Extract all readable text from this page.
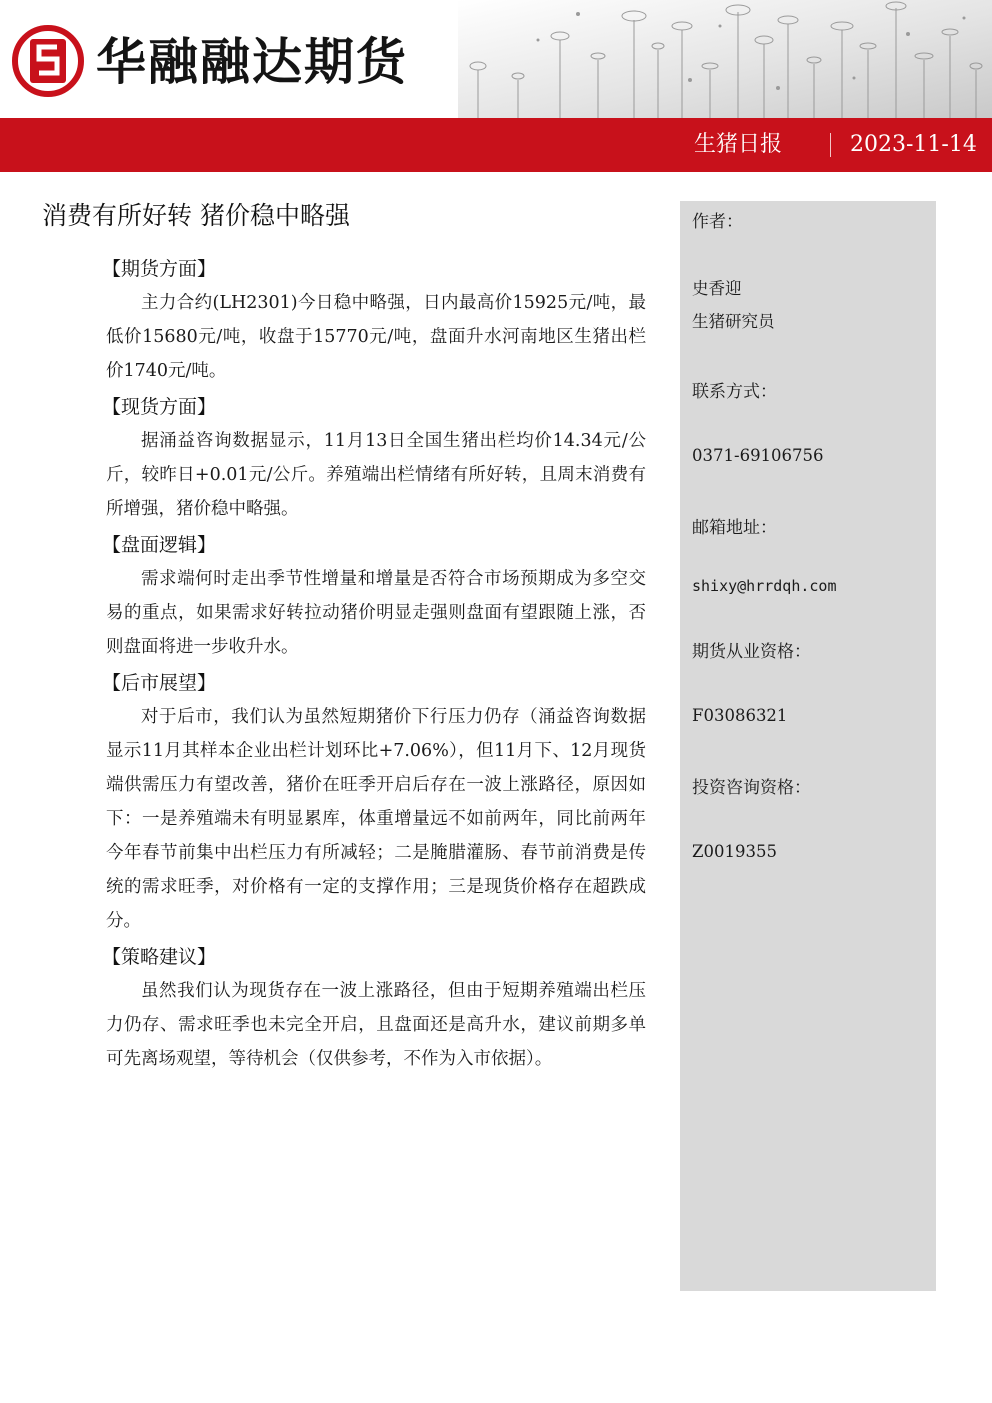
华融融达期货
生猪日报	2023-11-14
消费有所好转 猪价稳中略强
【期货方面】

主力合约(LH2301)今日稳中略强，日内最高价15925元/吨，最低价15680元/吨，收盘于15770元/吨，盘面升水河南地区生猪出栏价1740元/吨。

【现货方面】

据涌益咨询数据显示，11月13日全国生猪出栏均价14.34元/公斤，较昨日+0.01元/公斤。养殖端出栏情绪有所好转，且周末消费有所增强，猪价稳中略强。

【盘面逻辑】

需求端何时走出季节性增量和增量是否符合市场预期成为多空交易的重点，如果需求好转拉动猪价明显走强则盘面有望跟随上涨，否则盘面将进一步收升水。

【后市展望】

对于后市，我们认为虽然短期猪价下行压力仍存（涌益咨询数据显示11月其样本企业出栏计划环比+7.06%），但11月下、12月现货端供需压力有望改善，猪价在旺季开启后存在一波上涨路径，原因如下：一是养殖端未有明显累库，体重增量远不如前两年，同比前两年今年春节前集中出栏压力有所减轻；二是腌腊灌肠、春节前消费是传统的需求旺季，对价格有一定的支撑作用；三是现货价格存在超跌成分。

【策略建议】

虽然我们认为现货存在一波上涨路径，但由于短期养殖端出栏压力仍存、需求旺季也未完全开启，且盘面还是高升水，建议前期多单可先离场观望，等待机会（仅供参考，不作为入市依据）。

作者：
史香迎
生猪研究员
联系方式：
0371-69106756
邮箱地址：
shixy@hrrdqh.com
期货从业资格：
F03086321
投资咨询资格：
Z0019355
